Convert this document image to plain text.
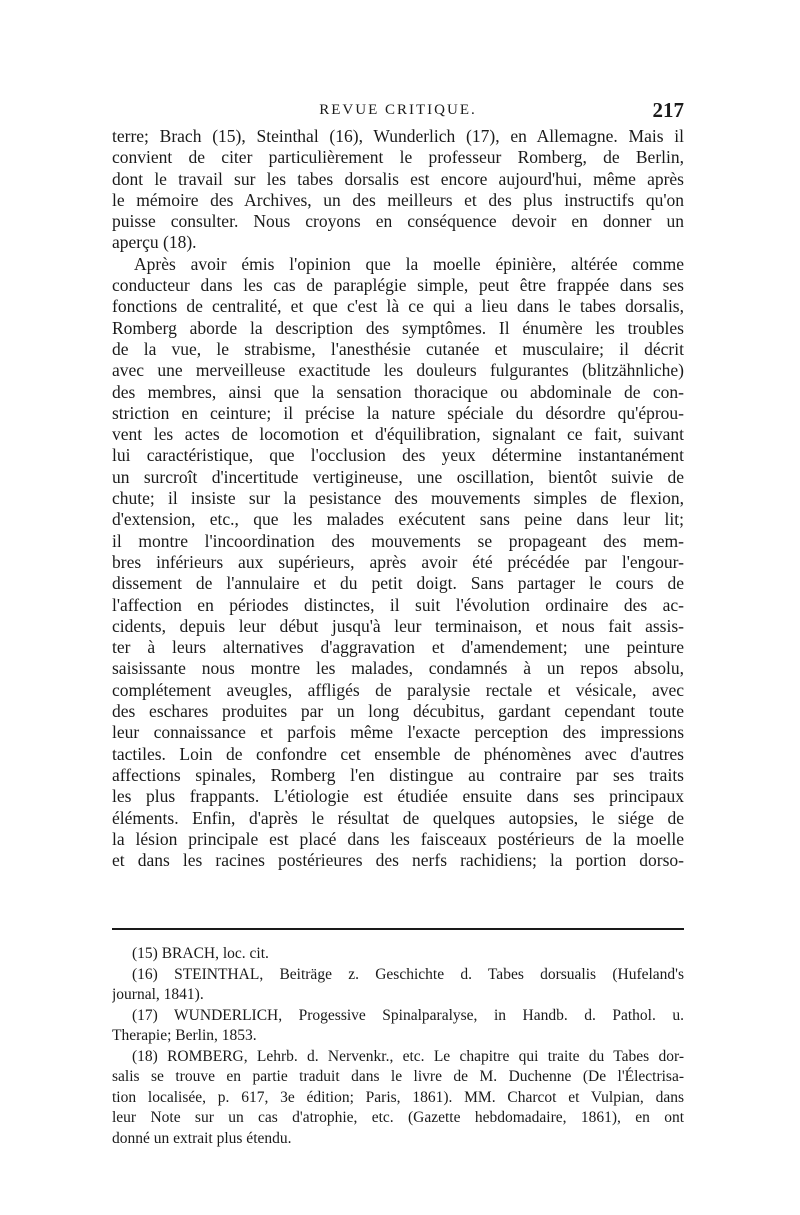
REVUE CRITIQUE.	217
terre; Brach (15), Steinthal (16), Wunderlich (17), en Allemagne. Mais il
convient de citer particulièrement le professeur Romberg, de Berlin,
dont le travail sur les tabes dorsalis est encore aujourd'hui, même après
le mémoire des Archives, un des meilleurs et des plus instructifs qu'on
puisse consulter. Nous croyons en conséquence devoir en donner un
aperçu (18).
Après avoir émis l'opinion que la moelle épinière, altérée comme
conducteur dans les cas de paraplégie simple, peut être frappée dans ses
fonctions de centralité, et que c'est là ce qui a lieu dans le tabes dorsalis,
Romberg aborde la description des symptômes. Il énumère les troubles
de la vue, le strabisme, l'anesthésie cutanée et musculaire; il décrit
avec une merveilleuse exactitude les douleurs fulgurantes (blitzähnliche)
des membres, ainsi que la sensation thoracique ou abdominale de con-
striction en ceinture; il précise la nature spéciale du désordre qu'éprou-
vent les actes de locomotion et d'équilibration, signalant ce fait, suivant
lui caractéristique, que l'occlusion des yeux détermine instantanément
un surcroît d'incertitude vertigineuse, une oscillation, bientôt suivie de
chute; il insiste sur la pesistance des mouvements simples de flexion,
d'extension, etc., que les malades exécutent sans peine dans leur lit;
il montre l'incoordination des mouvements se propageant des mem-
bres inférieurs aux supérieurs, après avoir été précédée par l'engour-
dissement de l'annulaire et du petit doigt. Sans partager le cours de
l'affection en périodes distinctes, il suit l'évolution ordinaire des ac-
cidents, depuis leur début jusqu'à leur terminaison, et nous fait assis-
ter à leurs alternatives d'aggravation et d'amendement; une peinture
saisissante nous montre les malades, condamnés à un repos absolu,
complétement aveugles, affligés de paralysie rectale et vésicale, avec
des eschares produites par un long décubitus, gardant cependant toute
leur connaissance et parfois même l'exacte perception des impressions
tactiles. Loin de confondre cet ensemble de phénomènes avec d'autres
affections spinales, Romberg l'en distingue au contraire par ses traits
les plus frappants. L'étiologie est étudiée ensuite dans ses principaux
éléments. Enfin, d'après le résultat de quelques autopsies, le siége de
la lésion principale est placé dans les faisceaux postérieurs de la moelle
et dans les racines postérieures des nerfs rachidiens; la portion dorso-
(15) BRACH, loc. cit.
(16) STEINTHAL, Beiträge z. Geschichte d. Tabes dorsualis (Hufeland's
journal, 1841).
(17) WUNDERLICH, Progessive Spinalparalyse, in Handb. d. Pathol. u.
Therapie; Berlin, 1853.
(18) ROMBERG, Lehrb. d. Nervenkr., etc. Le chapitre qui traite du Tabes dor-
salis se trouve en partie traduit dans le livre de M. Duchenne (De l'Électrisa-
tion localisée, p. 617, 3e édition; Paris, 1861). MM. Charcot et Vulpian, dans
leur Note sur un cas d'atrophie, etc. (Gazette hebdomadaire, 1861), en ont
donné un extrait plus étendu.
